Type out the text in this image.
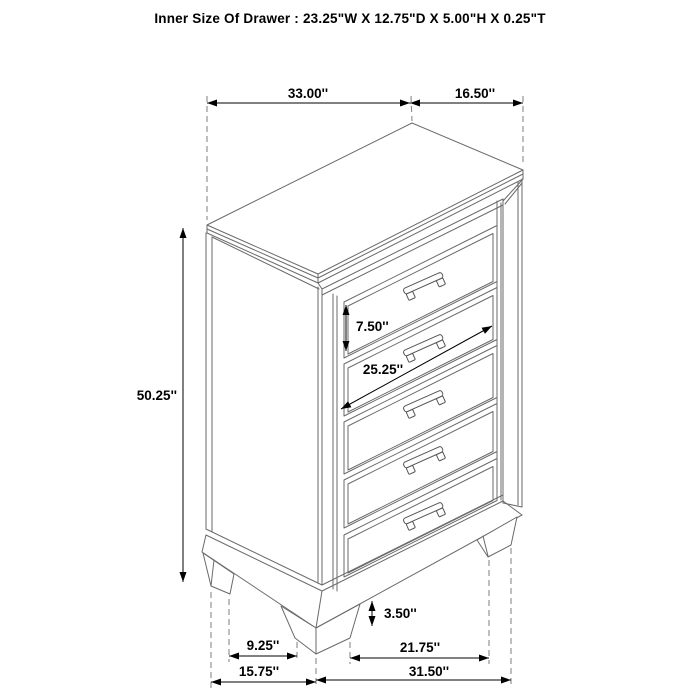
Inner Size Of Drawer : 23.25"W X 12.75"D X 5.00"H X 0.25"T
33.00''	16.50''
50.25''
7.50''
25.25''
3.50''
9.25''
15.75''
21.75''
31.50''
